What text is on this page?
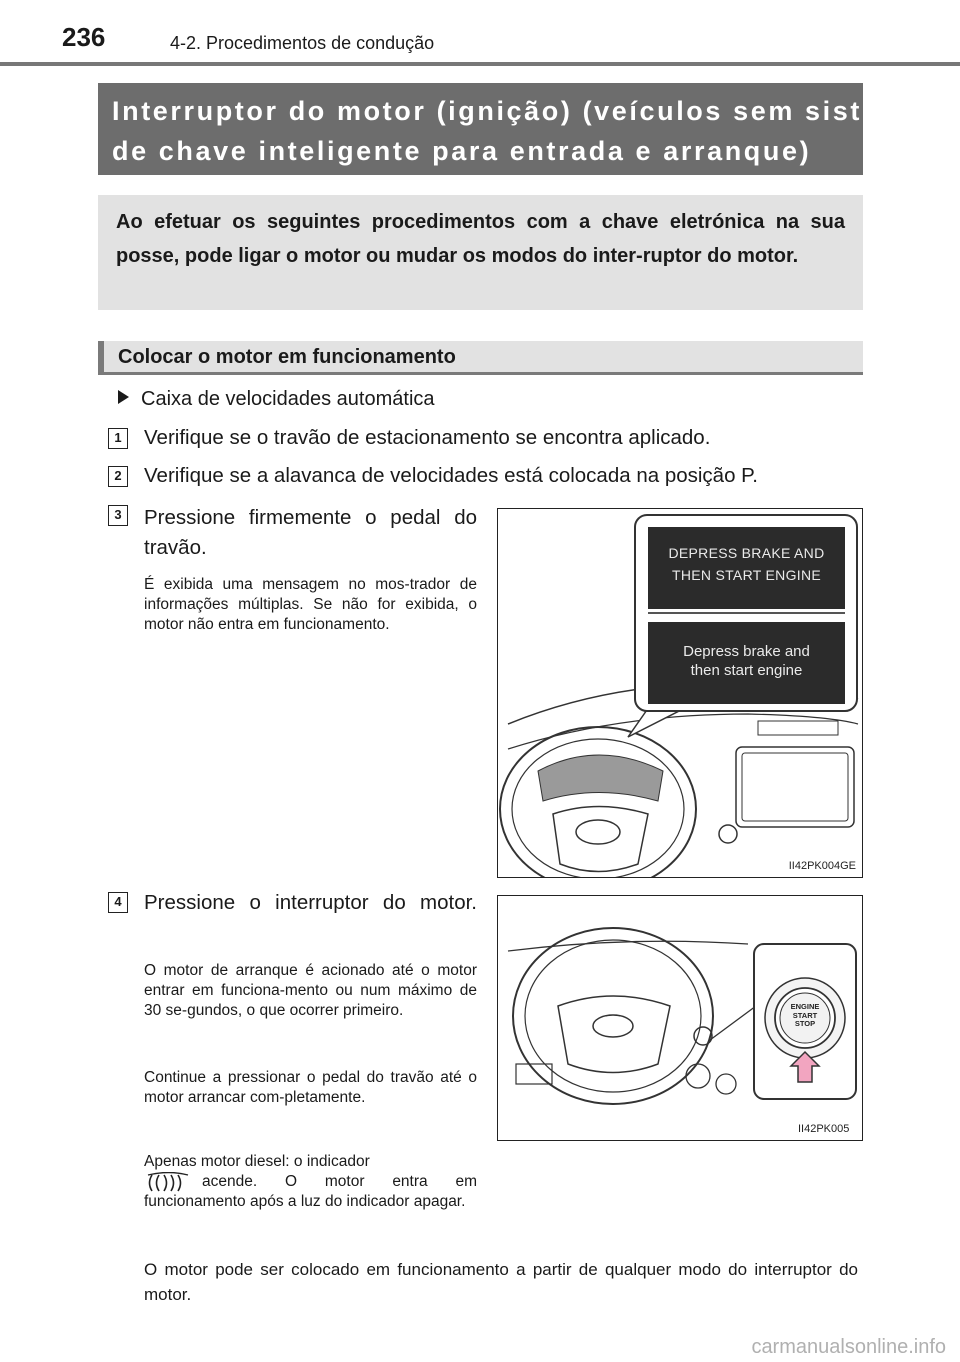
236	4-2. Procedimentos de condução
Interruptor do motor (ignição) (veículos sem sistema
de chave inteligente para entrada e arranque)
Ao efetuar os seguintes procedimentos com a chave eletrónica na sua posse, pode ligar o motor ou mudar os modos do inter-ruptor do motor.
Colocar o motor em funcionamento
Caixa de velocidades automática
1	Verifique se o travão de estacionamento se encontra aplicado.
2	Verifique se a alavanca de velocidades está colocada na posição P.
3	Pressione firmemente o pedal do travão.
É exibida uma mensagem no mos-trador de informações múltiplas. Se não for exibida, o motor não entra em funcionamento.
DEPRESS BRAKE AND
THEN START ENGINE
Depress brake and
then start engine
II42PK004GE
4	Pressione o interruptor do motor.
O motor de arranque é acionado até o motor entrar em funciona-mento ou num máximo de 30 se-gundos, o que ocorrer primeiro.
Continue a pressionar o pedal do travão até o motor arrancar com-pletamente.
Apenas motor diesel: o indicador
acende. O motor entra em funcionamento após a luz do indicador apagar.
ENGINE
START
STOP
II42PK005
O motor pode ser colocado em funcionamento a partir de qualquer modo do interruptor do motor.
carmanualsonline.info
